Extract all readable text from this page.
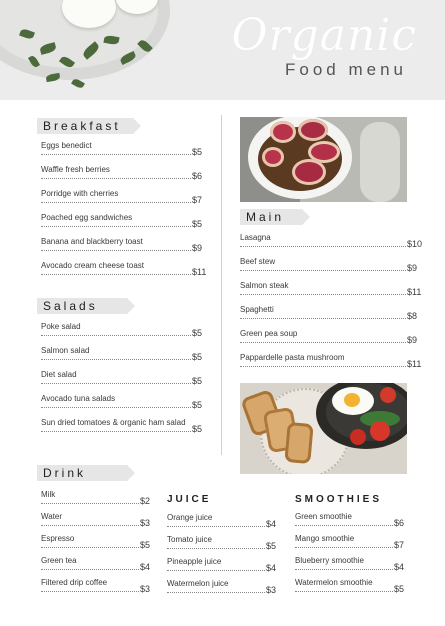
Organic
Food menu
Breakfast
Eggs benedict
$5
Waffle fresh berries
$6
Porridge with cherries
$7
Poached egg sandwiches
$5
Banana and blackberry toast
$9
Avocado cream cheese toast
$11
Salads
Poke salad
$5
Salmon salad
$5
Diet salad
$5
Avocado tuna salads
$5
Sun dried tomatoes & organic ham salad
$5
Main
Lasagna
$10
Beef stew
$9
Salmon steak
$11
Spaghetti
$8
Green pea soup
$9
Pappardelle pasta mushroom
$11
Drink
Milk
$2
Water
$3
Espresso
$5
Green tea
$4
Filtered drip coffee
$3
JUICE
Orange juice
$4
Tomato juice
$5
Pineapple juice
$4
Watermelon juice
$3
SMOOTHIES
Green smoothie
$6
Mango smoothie
$7
Blueberry smoothie
$4
Watermelon smoothie
$5
